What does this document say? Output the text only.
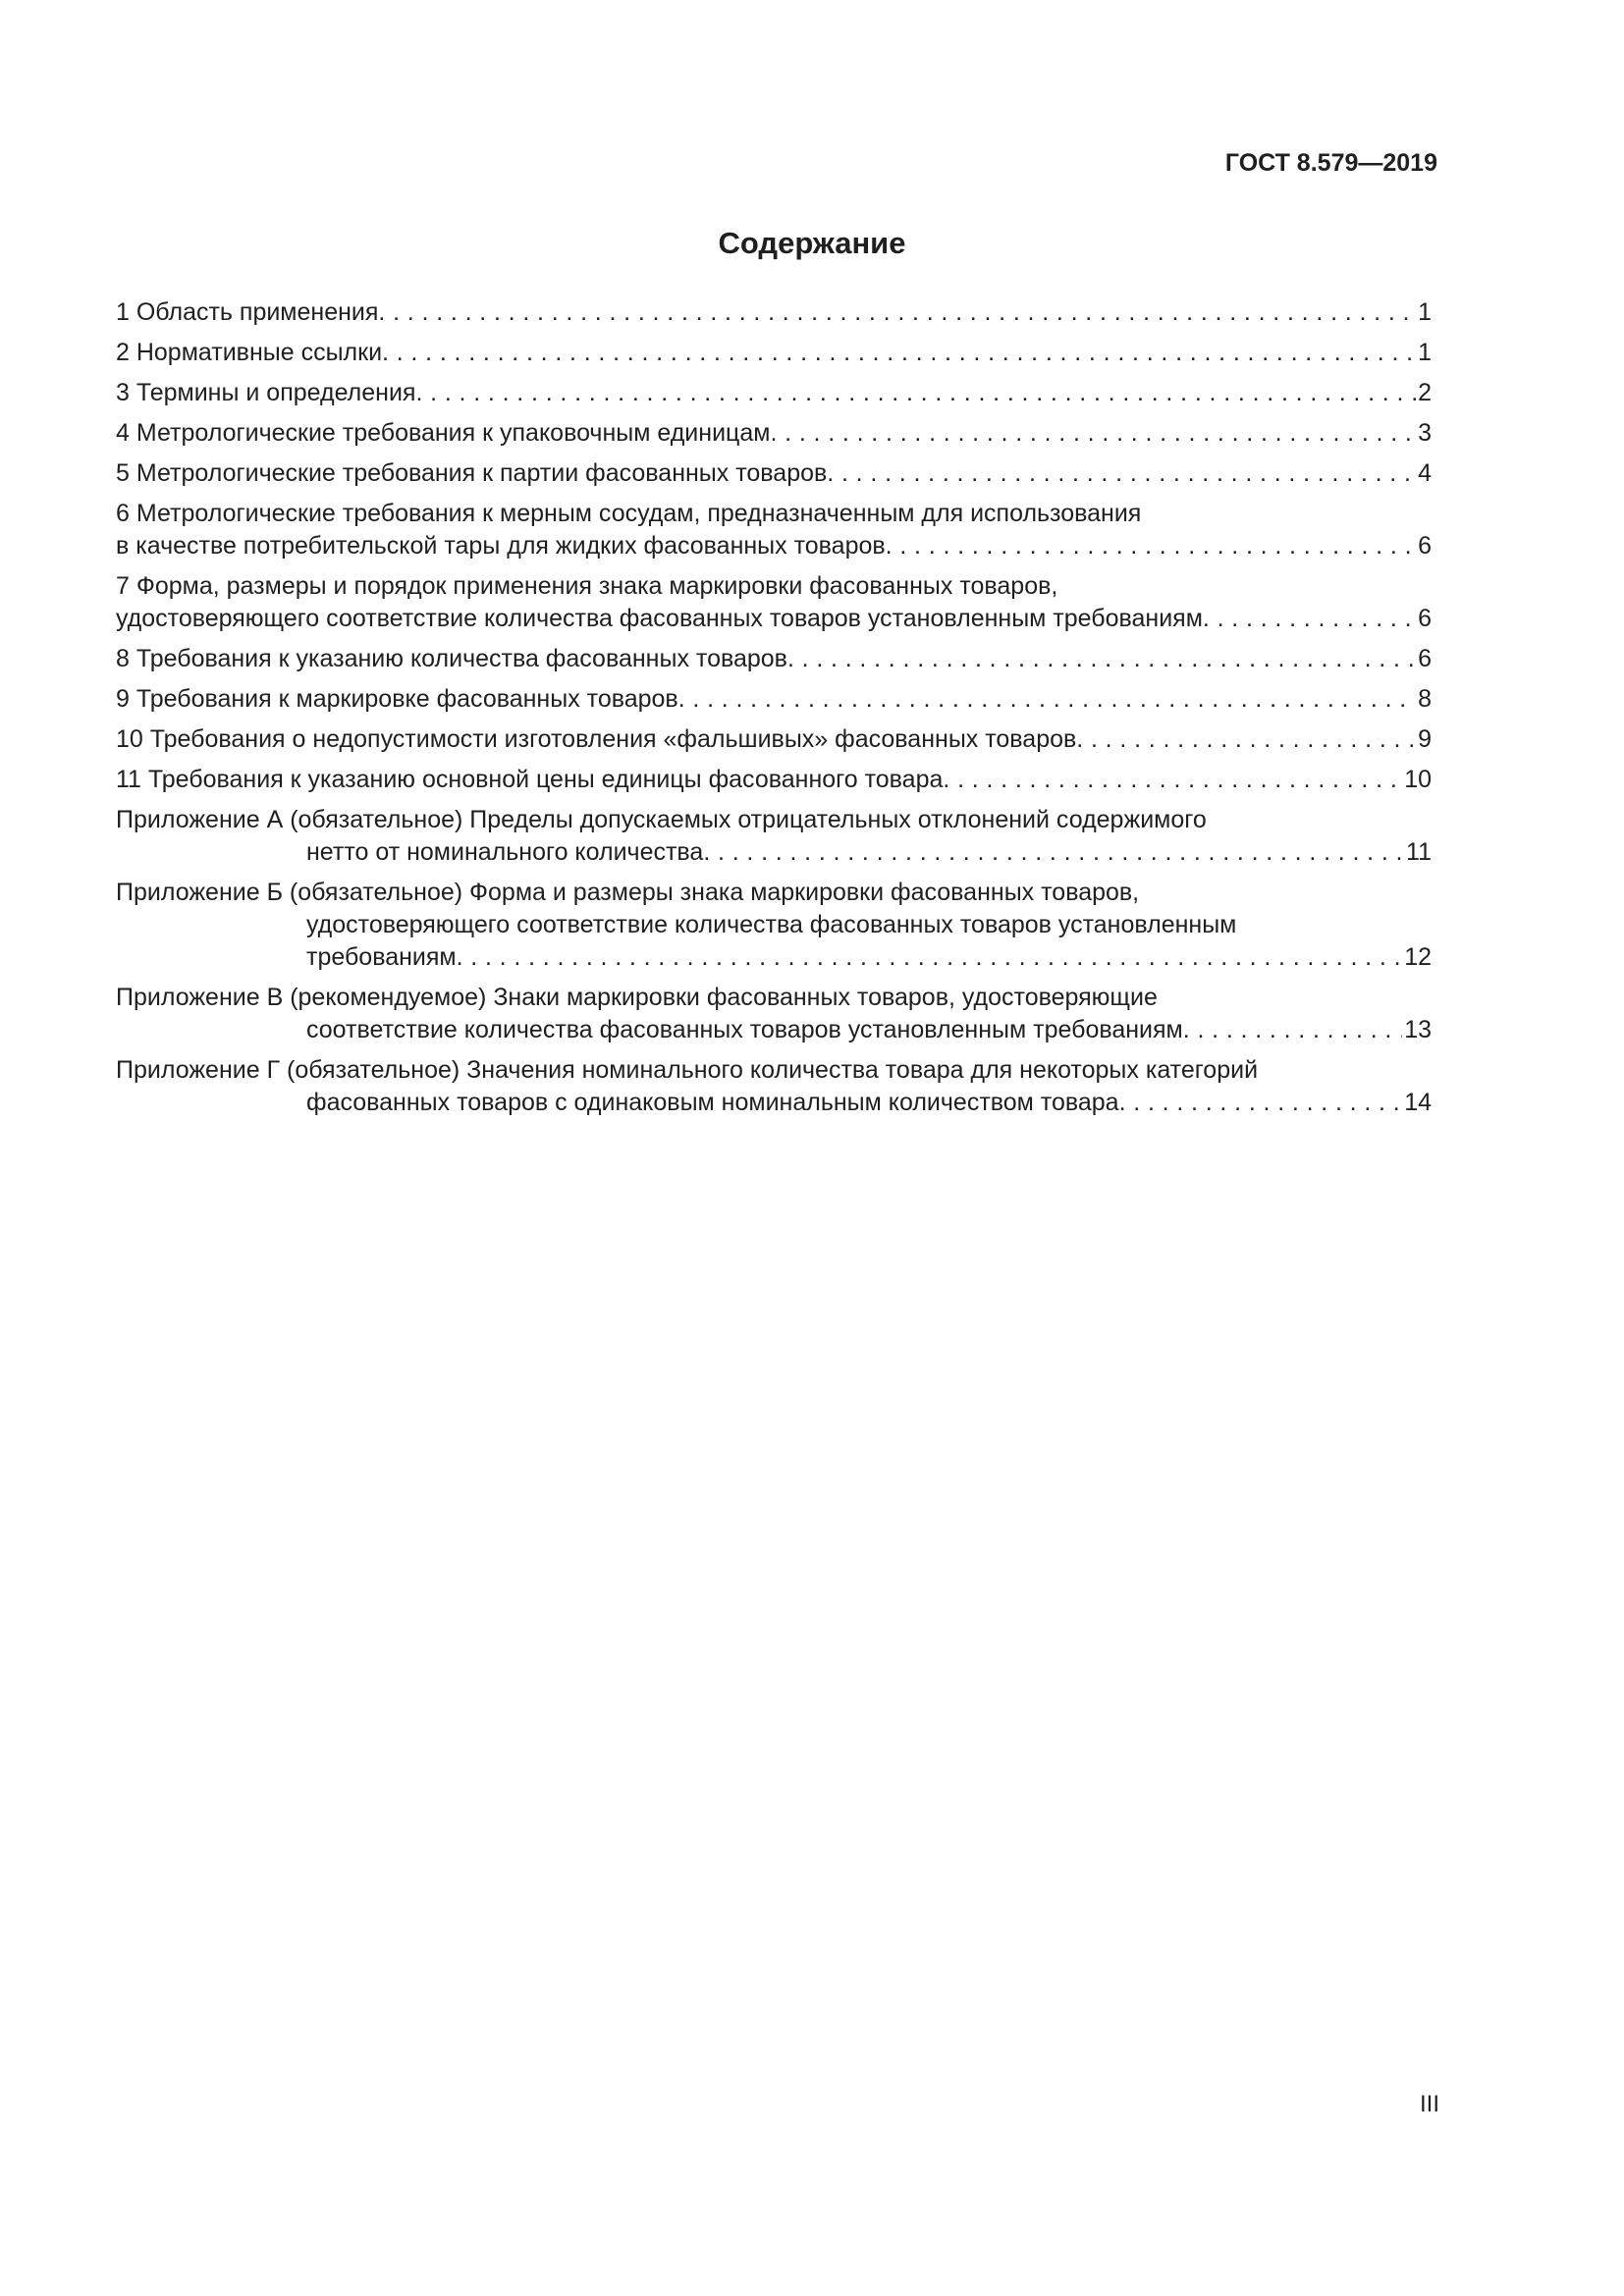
ГОСТ 8.579—2019
Содержание
1 Область применения . . .	1
2 Нормативные ссылки . . .	1
3 Термины и определения . . .	2
4 Метрологические требования к упаковочным единицам . . .	3
5 Метрологические требования к партии фасованных товаров . . .	4
6 Метрологические требования к мерным сосудам, предназначенным для использования
в качестве потребительской тары для жидких фасованных товаров . . .	6
7 Форма, размеры и порядок применения знака маркировки фасованных товаров,
удостоверяющего соответствие количества фасованных товаров установленным требованиям . . .	6
8 Требования к указанию количества фасованных товаров . . .	6
9 Требования к маркировке фасованных товаров . . .	8
10 Требования о недопустимости изготовления «фальшивых» фасованных товаров . . .	9
11 Требования к указанию основной цены единицы фасованного товара . . .	10
Приложение А (обязательное) Пределы допускаемых отрицательных отклонений содержимого
нетто от номинального количества . . .	11
Приложение Б (обязательное) Форма и размеры знака маркировки фасованных товаров,
удостоверяющего соответствие количества фасованных товаров установленным
требованиям . . .	12
Приложение В (рекомендуемое) Знаки маркировки фасованных товаров, удостоверяющие
соответствие количества фасованных товаров установленным требованиям . . .	13
Приложение Г (обязательное) Значения номинального количества товара для некоторых категорий
фасованных товаров с одинаковым номинальным количеством товара . . .	14
III
